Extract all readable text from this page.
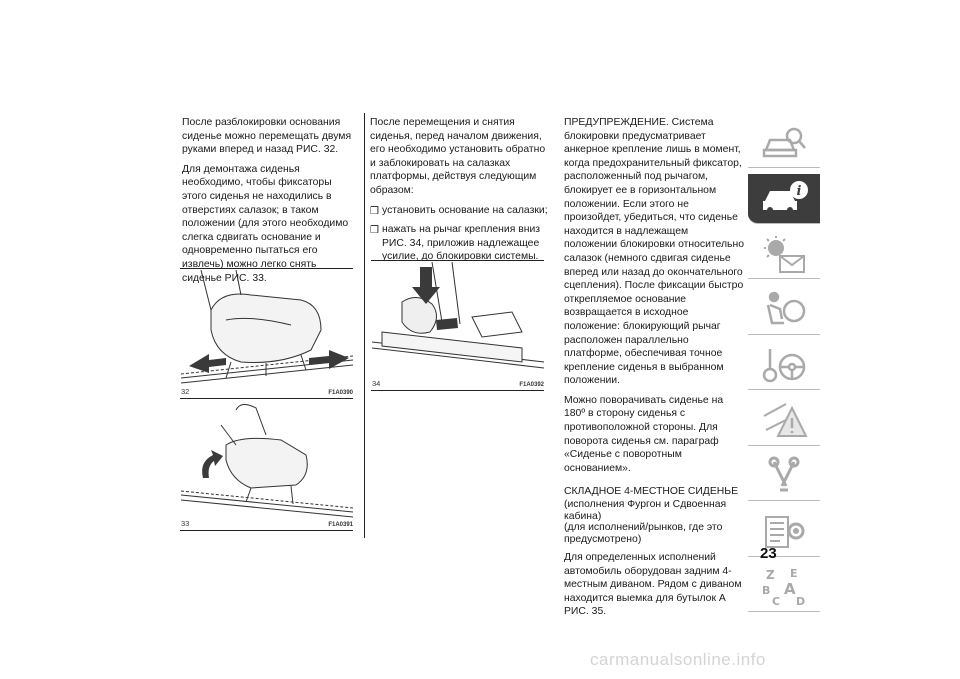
После разблокировки основания сиденье можно перемещать двумя руками вперед и назад РИС. 32.

Для демонтажа сиденья необходимо, чтобы фиксаторы этого сиденья не находились в отверстиях салазок; в таком положении (для этого необходимо слегка сдвигать основание и одновременно пытаться его извлечь) можно легко снять сиденье РИС. 33.

После перемещения и снятия сиденья, перед началом движения, его необходимо установить обратно и заблокировать на салазках платформы, действуя следующим образом:

❒ установить основание на салазки;

❒ нажать на рычаг крепления вниз РИС. 34, приложив надлежащее усилие, до блокировки системы.

ПРЕДУПРЕЖДЕНИЕ. Система блокировки предусматривает анкерное крепление лишь в момент, когда предохранительный фиксатор, расположенный под рычагом, блокирует ее в горизонтальном положении. Если этого не произойдет, убедиться, что сиденье находится в надлежащем положении блокировки относительно салазок (немного сдвигая сиденье вперед или назад до окончательного сцепления). После фиксации быстро открепляемое основание возвращается в исходное положение: блокирующий рычаг расположен параллельно платформе, обеспечивая точное крепление сиденья в выбранном положении.

Можно поворачивать сиденье на 180º в сторону сиденья с противоположной стороны. Для поворота сиденья см. параграф «Сиденье с поворотным основанием».

СКЛАДНОЕ 4-МЕСТНОЕ СИДЕНЬЕ

(исполнения Фургон и Сдвоенная кабина)

(для исполнений/рынков, где это предусмотрено)

Для определенных исполнений автомобиль оборудован задним 4-местным диваном. Рядом с диваном находится выемка для бутылок А РИС. 35.

32	F1A0390
33	F1A0391
34	F1A0392
i
Z E
B A
C D
23
carmanualsonline.info
